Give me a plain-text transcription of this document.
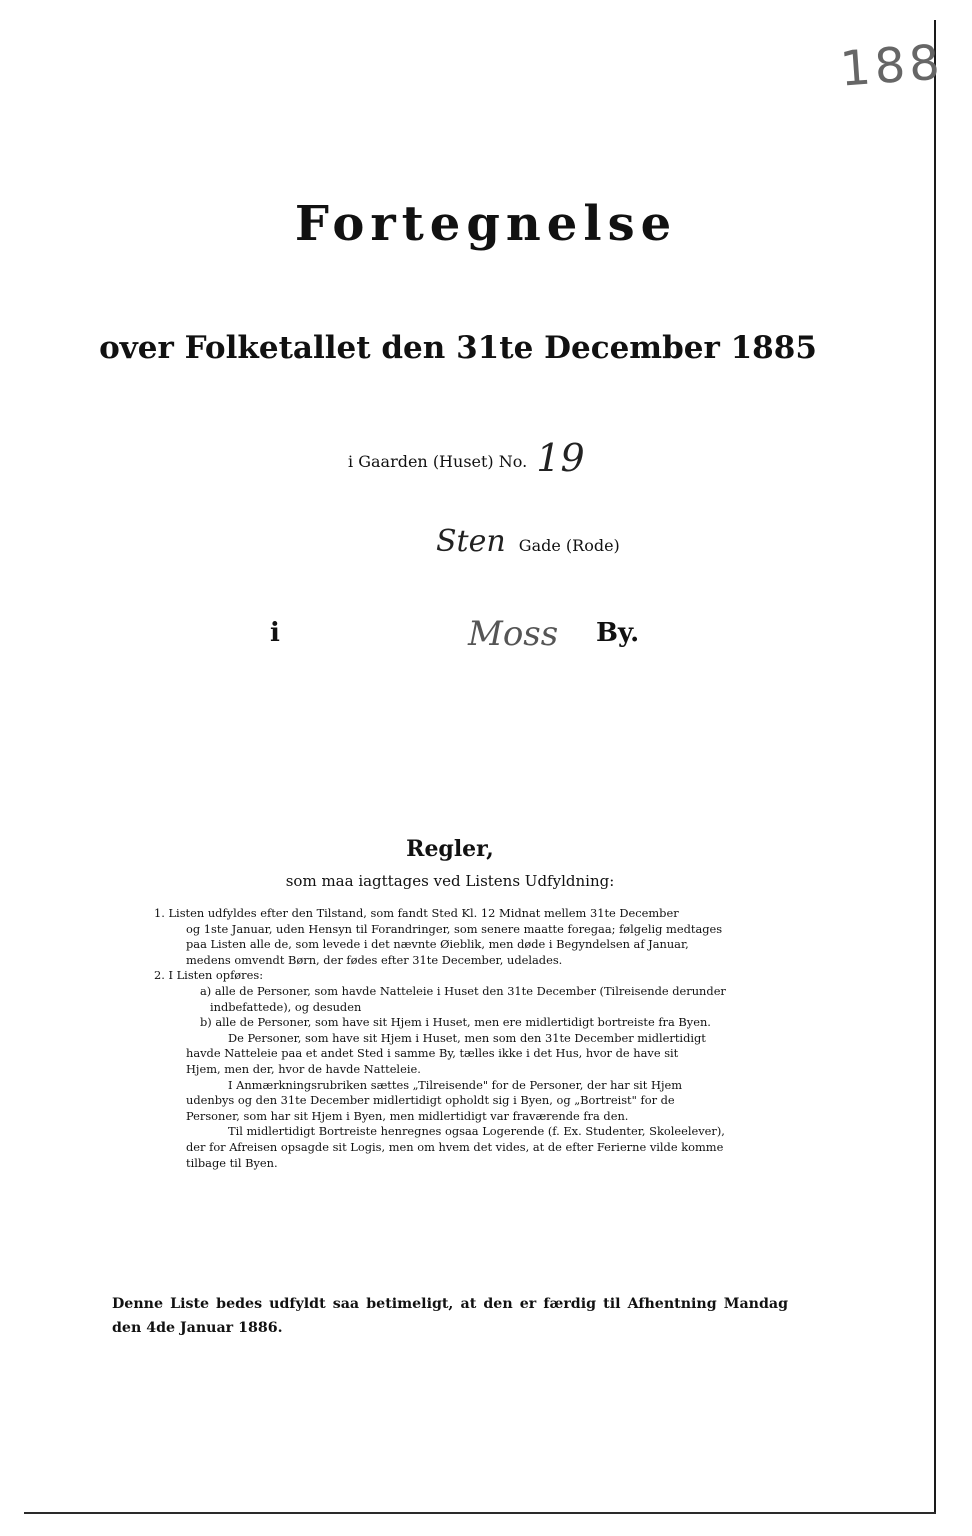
188
Fortegnelse
over Folketallet den 31te December 1885
i Gaarden (Huset) No. 19
Sten Gade (Rode)
i	Moss By.
Regler,
som maa iagttages ved Listens Udfyldning:
1. Listen udfyldes efter den Tilstand, som fandt Sted Kl. 12 Midnat mellem 31te December
og 1ste Januar, uden Hensyn til Forandringer, som senere maatte foregaa; følgelig medtages
paa Listen alle de, som levede i det nævnte Øieblik, men døde i Begyndelsen af Januar,
medens omvendt Børn, der fødes efter 31te December, udelades.
2. I Listen opføres:
a) alle de Personer, som havde Natteleie i Huset den 31te December (Tilreisende derunder
indbefattede), og desuden
b) alle de Personer, som have sit Hjem i Huset, men ere midlertidigt bortreiste fra Byen.
De Personer, som have sit Hjem i Huset, men som den 31te December midlertidigt
havde Natteleie paa et andet Sted i samme By, tælles ikke i det Hus, hvor de have sit
Hjem, men der, hvor de havde Natteleie.
I Anmærkningsrubriken sættes „Tilreisende" for de Personer, der har sit Hjem
udenbys og den 31te December midlertidigt opholdt sig i Byen, og „Bortreist" for de
Personer, som har sit Hjem i Byen, men midlertidigt var fraværende fra den.
Til midlertidigt Bortreiste henregnes ogsaa Logerende (f. Ex. Studenter, Skoleelever),
der for Afreisen opsagde sit Logis, men om hvem det vides, at de efter Ferierne vilde komme
tilbage til Byen.
Denne Liste bedes udfyldt saa betimeligt, at den er færdig til Afhentning Mandag den 4de Januar 1886.
